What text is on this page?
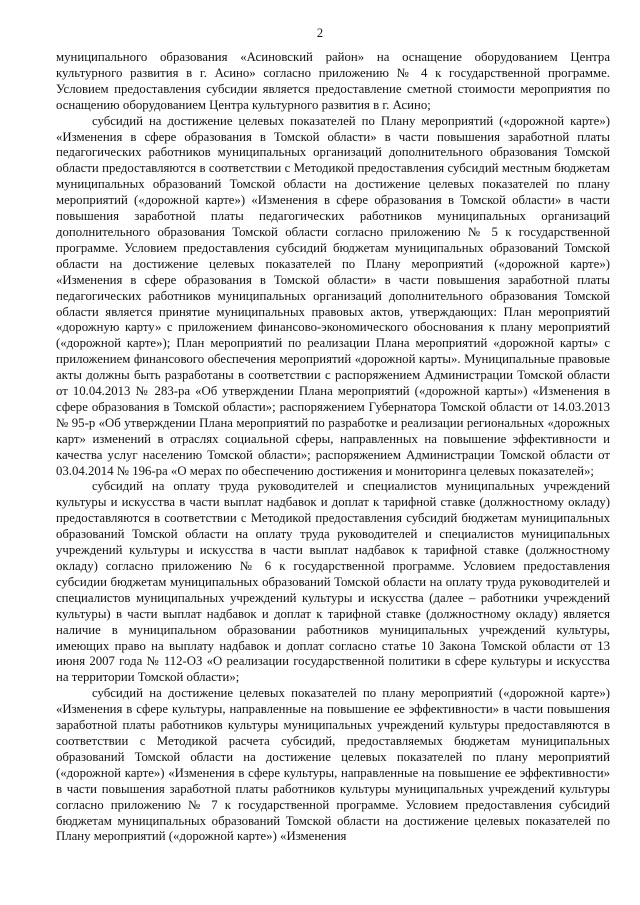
2

муниципального образования «Асиновский район» на оснащение оборудованием Центра культурного развития в г. Асино» согласно приложению № 4 к государственной программе. Условием предоставления субсидии является предоставление сметной стоимости мероприятия по оснащению оборудованием Центра культурного развития в г. Асино;

субсидий на достижение целевых показателей по Плану мероприятий («дорожной карте») «Изменения в сфере образования в Томской области» в части повышения заработной платы педагогических работников муниципальных организаций дополнительного образования Томской области предоставляются в соответствии с Методикой предоставления субсидий местным бюджетам муниципальных образований Томской области на достижение целевых показателей по плану мероприятий («дорожной карте») «Изменения в сфере образования в Томской области» в части повышения заработной платы педагогических работников муниципальных организаций дополнительного образования Томской области согласно приложению № 5 к государственной программе. Условием предоставления субсидий бюджетам муниципальных образований Томской области на достижение целевых показателей по Плану мероприятий («дорожной карте») «Изменения в сфере образования в Томской области» в части повышения заработной платы педагогических работников муниципальных организаций дополнительного образования Томской области является принятие муниципальных правовых актов, утверждающих: План мероприятий «дорожную карту» с приложением финансово-экономического обоснования к плану мероприятий («дорожной карте»); План мероприятий по реализации Плана мероприятий «дорожной карты» с приложением финансового обеспечения мероприятий «дорожной карты». Муниципальные правовые акты должны быть разработаны в соответствии с распоряжением Администрации Томской области от 10.04.2013 № 283-ра «Об утверждении Плана мероприятий («дорожной карты») «Изменения в сфере образования в Томской области»; распоряжением Губернатора Томской области от 14.03.2013 № 95-р «Об утверждении Плана мероприятий по разработке и реализации региональных «дорожных карт» изменений в отраслях социальной сферы, направленных на повышение эффективности и качества услуг населению Томской области»; распоряжением Администрации Томской области от 03.04.2014 № 196-ра «О мерах по обеспечению достижения и мониторинга целевых показателей»;

субсидий на оплату труда руководителей и специалистов муниципальных учреждений культуры и искусства в части выплат надбавок и доплат к тарифной ставке (должностному окладу) предоставляются в соответствии с Методикой предоставления субсидий бюджетам муниципальных образований Томской области на оплату труда руководителей и специалистов муниципальных учреждений культуры и искусства в части выплат надбавок к тарифной ставке (должностному окладу) согласно приложению № 6 к государственной программе. Условием предоставления субсидии бюджетам муниципальных образований Томской области на оплату труда руководителей и специалистов муниципальных учреждений культуры и искусства (далее – работники учреждений культуры) в части выплат надбавок и доплат к тарифной ставке (должностному окладу) является наличие в муниципальном образовании работников муниципальных учреждений культуры, имеющих право на выплату надбавок и доплат согласно статье 10 Закона Томской области от 13 июня 2007 года № 112-ОЗ «О реализации государственной политики в сфере культуры и искусства на территории Томской области»;

субсидий на достижение целевых показателей по плану мероприятий («дорожной карте») «Изменения в сфере культуры, направленные на повышение ее эффективности» в части повышения заработной платы работников культуры муниципальных учреждений культуры предоставляются в соответствии с Методикой расчета субсидий, предоставляемых бюджетам муниципальных образований Томской области на достижение целевых показателей по плану мероприятий («дорожной карте») «Изменения в сфере культуры, направленные на повышение ее эффективности» в части повышения заработной платы работников культуры муниципальных учреждений культуры согласно приложению № 7 к государственной программе. Условием предоставления субсидий бюджетам муниципальных образований Томской области на достижение целевых показателей по Плану мероприятий («дорожной карте») «Изменения
